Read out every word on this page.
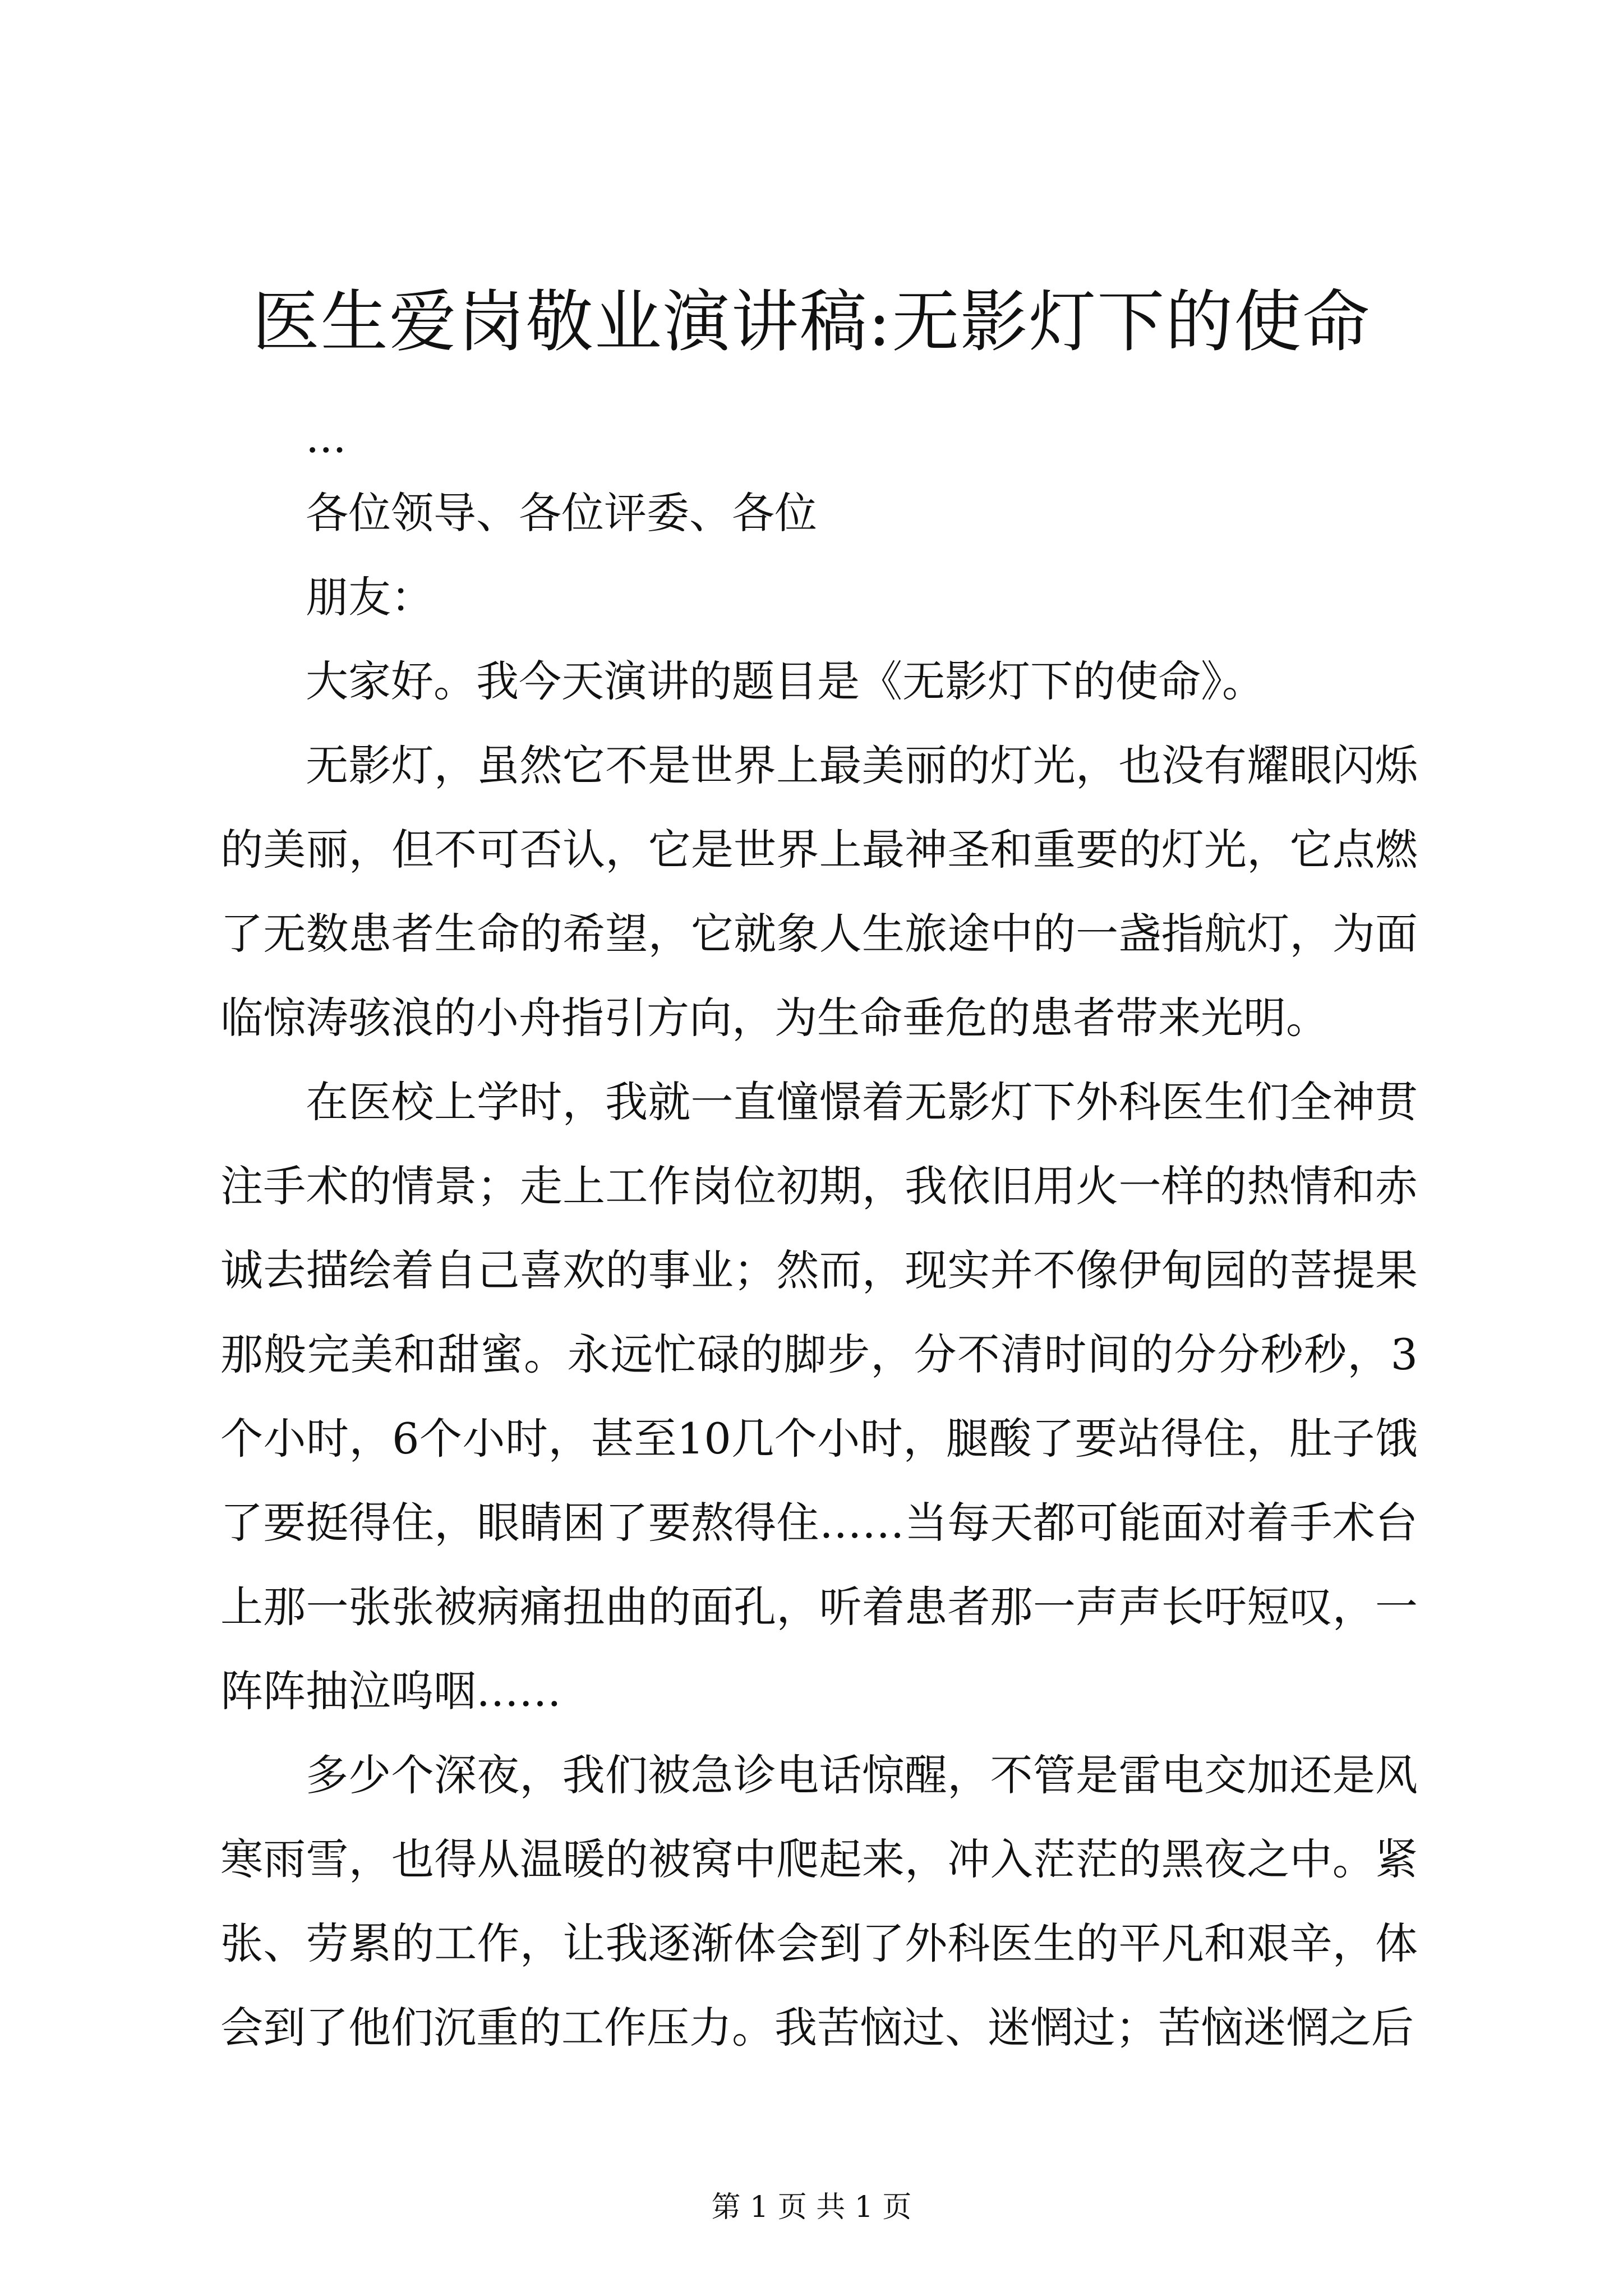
医生爱岗敬业演讲稿:无影灯下的使命

...

各位领导、各位评委、各位

朋友：

大家好。我今天演讲的题目是《无影灯下的使命》。

无影灯，虽然它不是世界上最美丽的灯光，也没有耀眼闪烁的美丽，但不可否认，它是世界上最神圣和重要的灯光，它点燃了无数患者生命的希望，它就象人生旅途中的一盏指航灯，为面临惊涛骇浪的小舟指引方向，为生命垂危的患者带来光明。

在医校上学时，我就一直憧憬着无影灯下外科医生们全神贯注手术的情景；走上工作岗位初期，我依旧用火一样的热情和赤诚去描绘着自己喜欢的事业；然而，现实并不像伊甸园的菩提果那般完美和甜蜜。永远忙碌的脚步，分不清时间的分分秒秒，3个小时，6个小时，甚至10几个小时，腿酸了要站得住，肚子饿了要挺得住，眼睛困了要熬得住……当每天都可能面对着手术台上那一张张被病痛扭曲的面孔，听着患者那一声声长吁短叹，一阵阵抽泣呜咽……

多少个深夜，我们被急诊电话惊醒，不管是雷电交加还是风寒雨雪，也得从温暖的被窝中爬起来，冲入茫茫的黑夜之中。紧张、劳累的工作，让我逐渐体会到了外科医生的平凡和艰辛，体会到了他们沉重的工作压力。我苦恼过、迷惘过；苦恼迷惘之后

第 1 页 共 1 页
